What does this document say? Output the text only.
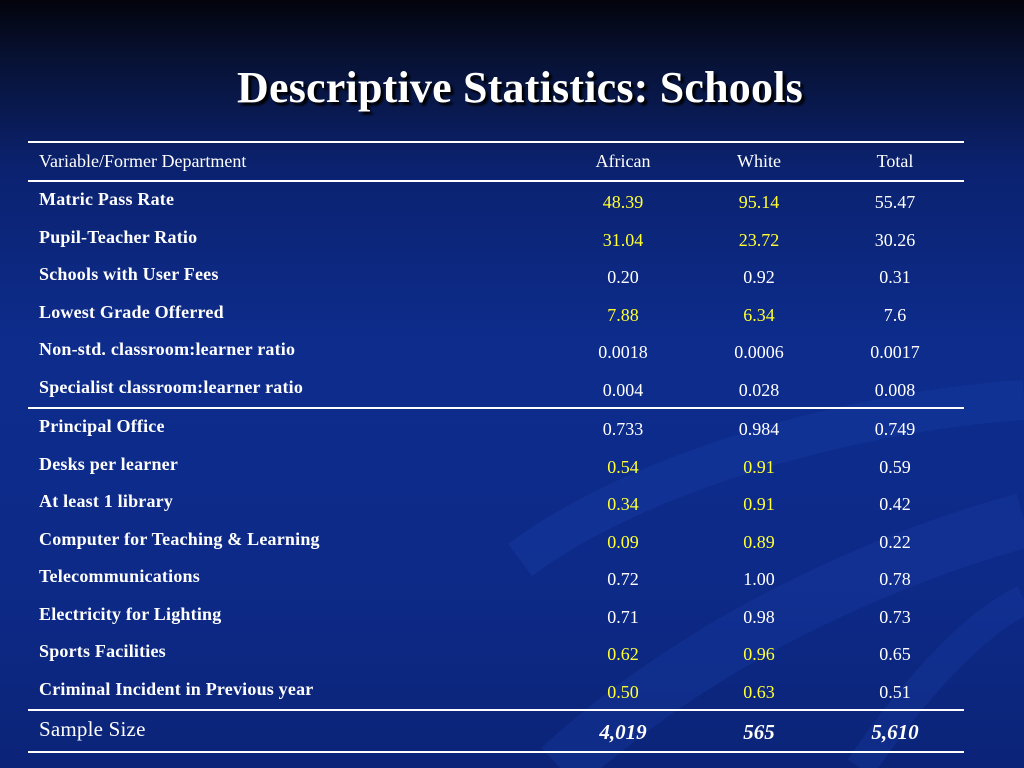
Descriptive Statistics: Schools
Variable/Former Department	African	White	Total
Matric Pass Rate	48.39	95.14	55.47
Pupil-Teacher Ratio	31.04	23.72	30.26
Schools with User Fees	0.20	0.92	0.31
Lowest Grade Offerred	7.88	6.34	7.6
Non-std. classroom:learner ratio	0.0018	0.0006	0.0017
Specialist classroom:learner ratio	0.004	0.028	0.008
Principal Office	0.733	0.984	0.749
Desks per learner	0.54	0.91	0.59
At least 1 library	0.34	0.91	0.42
Computer for Teaching & Learning	0.09	0.89	0.22
Telecommunications	0.72	1.00	0.78
Electricity for Lighting	0.71	0.98	0.73
Sports Facilities	0.62	0.96	0.65
Criminal Incident in Previous year	0.50	0.63	0.51
Sample Size	4,019	565	5,610
